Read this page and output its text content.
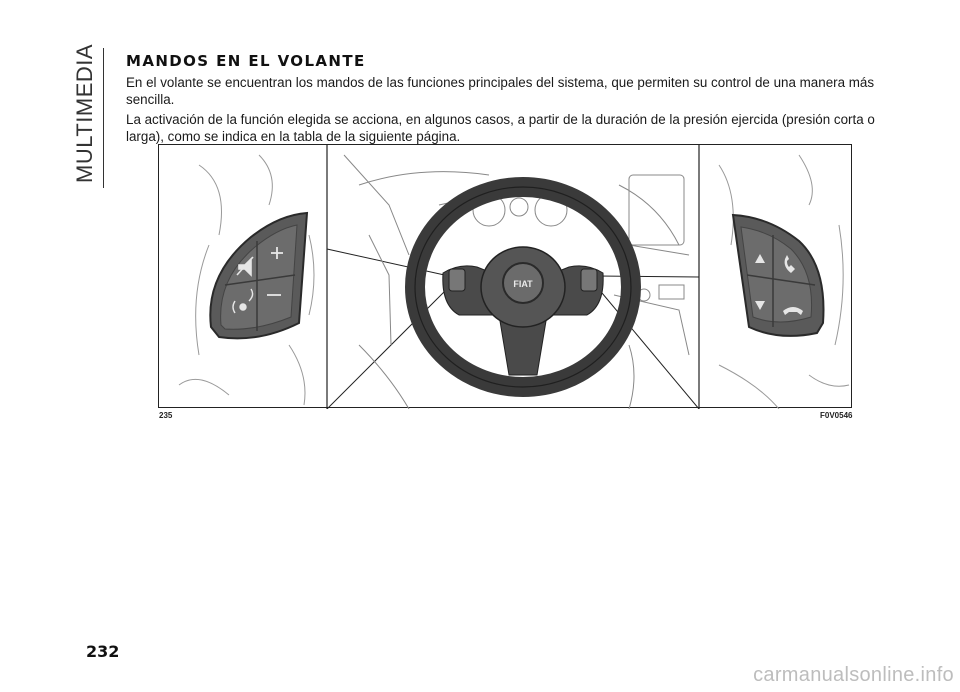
MULTIMEDIA MANDOS EN EL VOLANTE

En el volante se encuentran los mandos de las funciones principales del sistema, que permiten su control de una manera más sencilla.

La activación de la función elegida se acciona, en algunos casos, a partir de la duración de la presión ejercida (presión corta o larga), como se indica en la tabla de la siguiente página.

FIAT
235	F0V0546
232
carmanualsonline.info
